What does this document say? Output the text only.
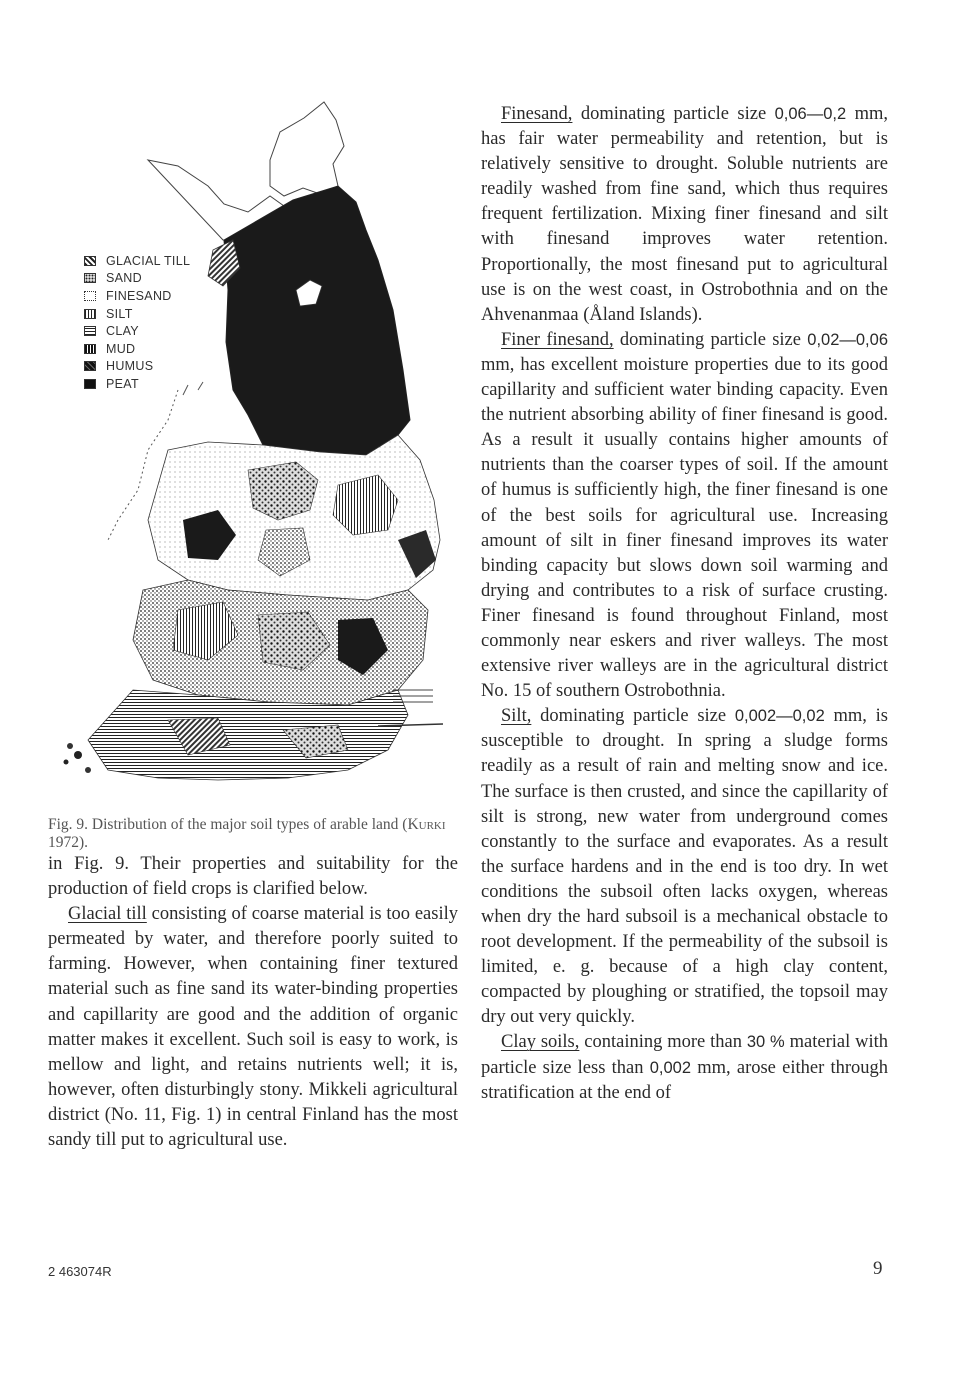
GLACIAL TILL
SAND
FINESAND
SILT
CLAY
MUD
HUMUS
PEAT
Fig. 9. Distribution of the major soil types of arable land (Kurki 1972).

in Fig. 9. Their properties and suitability for the production of field crops is clarified below.

Glacial till consisting of coarse material is too easily permeated by water, and therefore poorly suited to farming. However, when containing finer textured material such as fine sand its water-binding properties and capillarity are good and the addition of organic matter makes it excellent. Such soil is easy to work, is mellow and light, and retains nutrients well; it is, however, often disturbingly stony. Mikkeli agricultural district (No. 11, Fig. 1) in central Finland has the most sandy till put to agricultural use.

Finesand, dominating particle size 0,06—0,2 mm, has fair water permeability and retention, but is relatively sensitive to drought. Soluble nutrients are readily washed from fine sand, which thus requires frequent fertilization. Mixing finer finesand and silt with finesand improves water retention. Proportionally, the most finesand put to agricultural use is on the west coast, in Ostrobothnia and on the Ahvenanmaa (Åland Islands).

Finer finesand, dominating particle size 0,02—0,06 mm, has excellent moisture properties due to its good capillarity and sufficient water binding capacity. Even the nutrient absorbing ability of finer finesand is good. As a result it usually contains higher amounts of nutrients than the coarser types of soil. If the amount of humus is sufficiently high, the finer finesand is one of the best soils for agricultural use. Increasing amount of silt in finer finesand improves its water binding capacity but slows down soil warming and drying and contributes to a risk of surface crusting. Finer finesand is found throughout Finland, most commonly near eskers and river walleys. The most extensive river walleys are in the agricultural district No. 15 of southern Ostrobothnia.

Silt, dominating particle size 0,002—0,02 mm, is susceptible to drought. In spring a sludge forms readily as a result of rain and melting snow and ice. The surface is then crusted, and since the capillarity of silt is strong, new water from underground comes constantly to the surface and evaporates. As a result the surface hardens and in the end is too dry. In wet conditions the subsoil often lacks oxygen, whereas when dry the hard subsoil is a mechanical obstacle to root development. If the permeability of the subsoil is limited, e. g. because of a high clay content, compacted by ploughing or stratified, the topsoil may dry out very quickly.

Clay soils, containing more than 30 % material with particle size less than 0,002 mm, arose either through stratification at the end of

2 463074R	9
